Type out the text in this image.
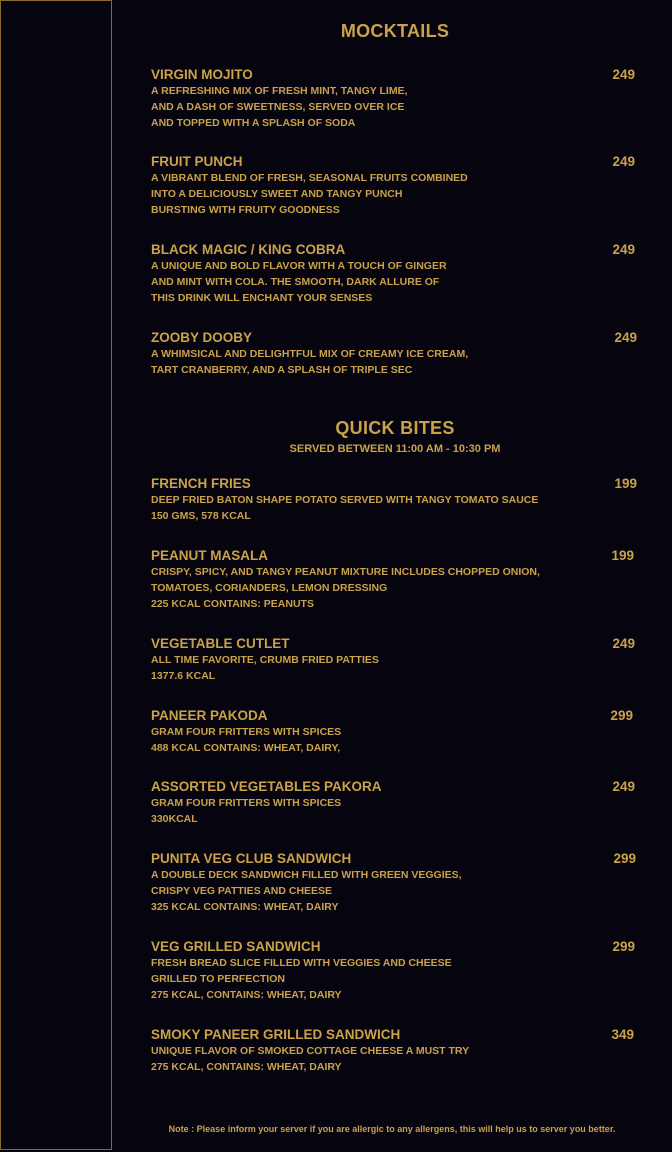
MOCKTAILS
VIRGIN MOJITO	249
A REFRESHING MIX OF FRESH MINT, TANGY LIME,
AND A DASH OF SWEETNESS, SERVED OVER ICE
AND TOPPED WITH A SPLASH OF SODA
FRUIT PUNCH	249
A VIBRANT BLEND OF FRESH, SEASONAL FRUITS COMBINED
INTO A DELICIOUSLY SWEET AND TANGY PUNCH
BURSTING WITH FRUITY GOODNESS
BLACK MAGIC / KING COBRA	249
A UNIQUE AND BOLD FLAVOR WITH A TOUCH OF GINGER
AND MINT WITH COLA. THE SMOOTH, DARK ALLURE OF
THIS DRINK WILL ENCHANT YOUR SENSES
ZOOBY DOOBY	249
A WHIMSICAL AND DELIGHTFUL MIX OF CREAMY ICE CREAM,
TART CRANBERRY, AND A SPLASH OF TRIPLE SEC
QUICK BITES
SERVED BETWEEN 11:00 AM - 10:30 PM
FRENCH FRIES	199
DEEP FRIED BATON SHAPE POTATO SERVED WITH TANGY TOMATO SAUCE
150 GMS, 578 KCAL
PEANUT MASALA	199
CRISPY, SPICY, AND TANGY PEANUT MIXTURE INCLUDES CHOPPED ONION,
TOMATOES, CORIANDERS, LEMON DRESSING
225 KCAL CONTAINS: PEANUTS
VEGETABLE CUTLET	249
ALL TIME FAVORITE, CRUMB FRIED PATTIES
1377.6 KCAL
PANEER PAKODA	299
GRAM FOUR FRITTERS WITH SPICES
488 KCAL CONTAINS: WHEAT, DAIRY,
ASSORTED VEGETABLES PAKORA	249
GRAM FOUR FRITTERS WITH SPICES
330KCAL
PUNITA VEG CLUB SANDWICH	299
A DOUBLE DECK SANDWICH FILLED WITH GREEN VEGGIES,
CRISPY VEG PATTIES AND CHEESE
325 KCAL CONTAINS: WHEAT, DAIRY
VEG GRILLED SANDWICH	299
FRESH BREAD SLICE FILLED WITH VEGGIES AND CHEESE
GRILLED TO PERFECTION
275 KCAL, CONTAINS: WHEAT, DAIRY
SMOKY PANEER GRILLED SANDWICH	349
UNIQUE FLAVOR OF SMOKED COTTAGE CHEESE A MUST TRY
275 KCAL, CONTAINS: WHEAT, DAIRY
Note : Please inform your server if you are allergic to any allergens, this will help us to server you better.
